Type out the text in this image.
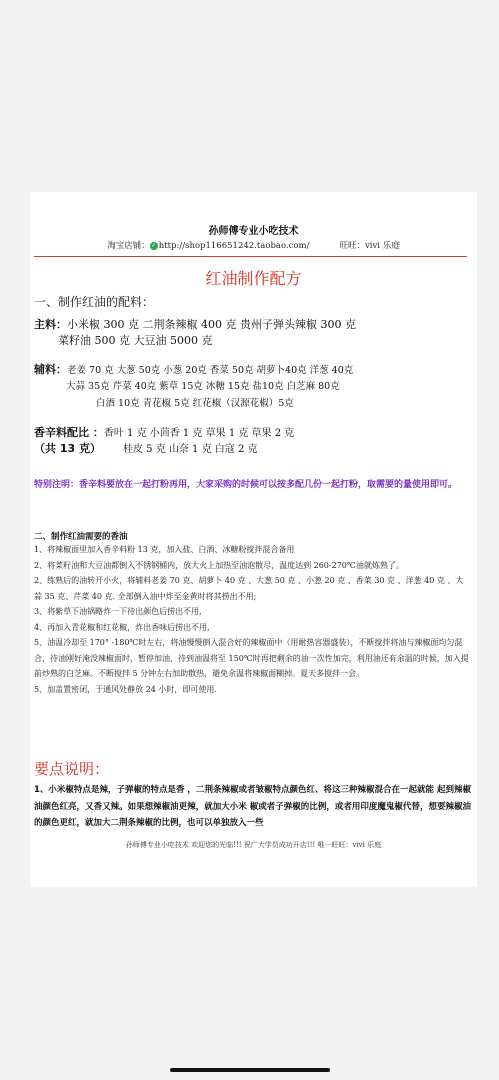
孙师傅专业小吃技术
淘宝店铺：✓ http://shop116651242.taobao.com/	旺旺：vivi 乐庭
红油制作配方
一、制作红油的配料：
主料：小米椒 300 克 二荆条辣椒 400 克 贵州子弹头辣椒 300 克
菜籽油 500 克 大豆油 5000 克
辅料：老姜 70 克 大葱 50克 小葱 20克 香菜 50克 胡萝卜40克 洋葱 40克
大蒜 35克 芹菜 40克 紫草 15克 冰糖 15克 盐10克 白芝麻 80克
白酒 10克 青花椒 5克 红花椒（汉源花椒）5克
香辛料配比 ：香叶 1 克 小茴香 1 克 草果 1 克 草果 2 克
（共 13 克） 桂皮 5 克 山奈 1 克 白寇 2 克
特别注明：香辛料要放在一起打粉再用，大家采购的时候可以按多配几份一起打粉，取需要的量使用即可。
二、制作红油需要的香油

1、将辣椒面里加入香辛料粉 13 克，加入盐、白酒、冰糖粉搅拌混合备用

2、将菜籽油和大豆油都倒入不锈钢桶内，放大火上加热至油泡散尽，温度达到 260-270℃油就炼熟了。

2、练熟后的油转开小火，将辅料老姜 70 克、胡萝卜 40 克 、大葱 50 克 、小葱 20 克 、香菜 30 克 、洋葱 40 克 、大蒜 35 克、芹菜 40 克. 全部倒入油中炸至金黄时将其捞出不用;

3、将紫草下油锅略炸一下待出颜色后捞出不用,

4、再加入青花椒和红花椒，炸出香味后捞出不用,

5、油温冷却至 170° -180℃时左右，将油慢慢倒入混合好的辣椒面中（用耐热容器盛装），不断搅拌将油与辣椒面均匀混合，待油刚好淹没辣椒面时，暂停加油，待到油温将至 150℃时再把剩余的油一次性加完，利用油还有余温的时候，加入提前炒熟的白芝麻。不断搅拌 5 分钟左右加助散热，避免余温将辣椒面糊掉。夏天多搅拌一会。

5、加盖置密闭，于通风处静放 24 小时，即可使用.

要点说明：
1、小米椒特点是辣，子弹椒的特点是香 ，二荆条辣椒或者皱椒特点颜色红、将这三种辣椒混合在一起就能 起到辣椒油颜色红亮，又香又辣。如果想辣椒油更辣，就加大小米 椒或者子弹椒的比例，或者用印度魔鬼椒代替，想要辣椒油的颜色更红，就加大二荆条辣椒的比例，也可以单独放入一些
孙师傅专业小吃技术 欢迎您的光临!!! 祝广大学员成功开店!!! 唯一旺旺：vivi 乐庭
